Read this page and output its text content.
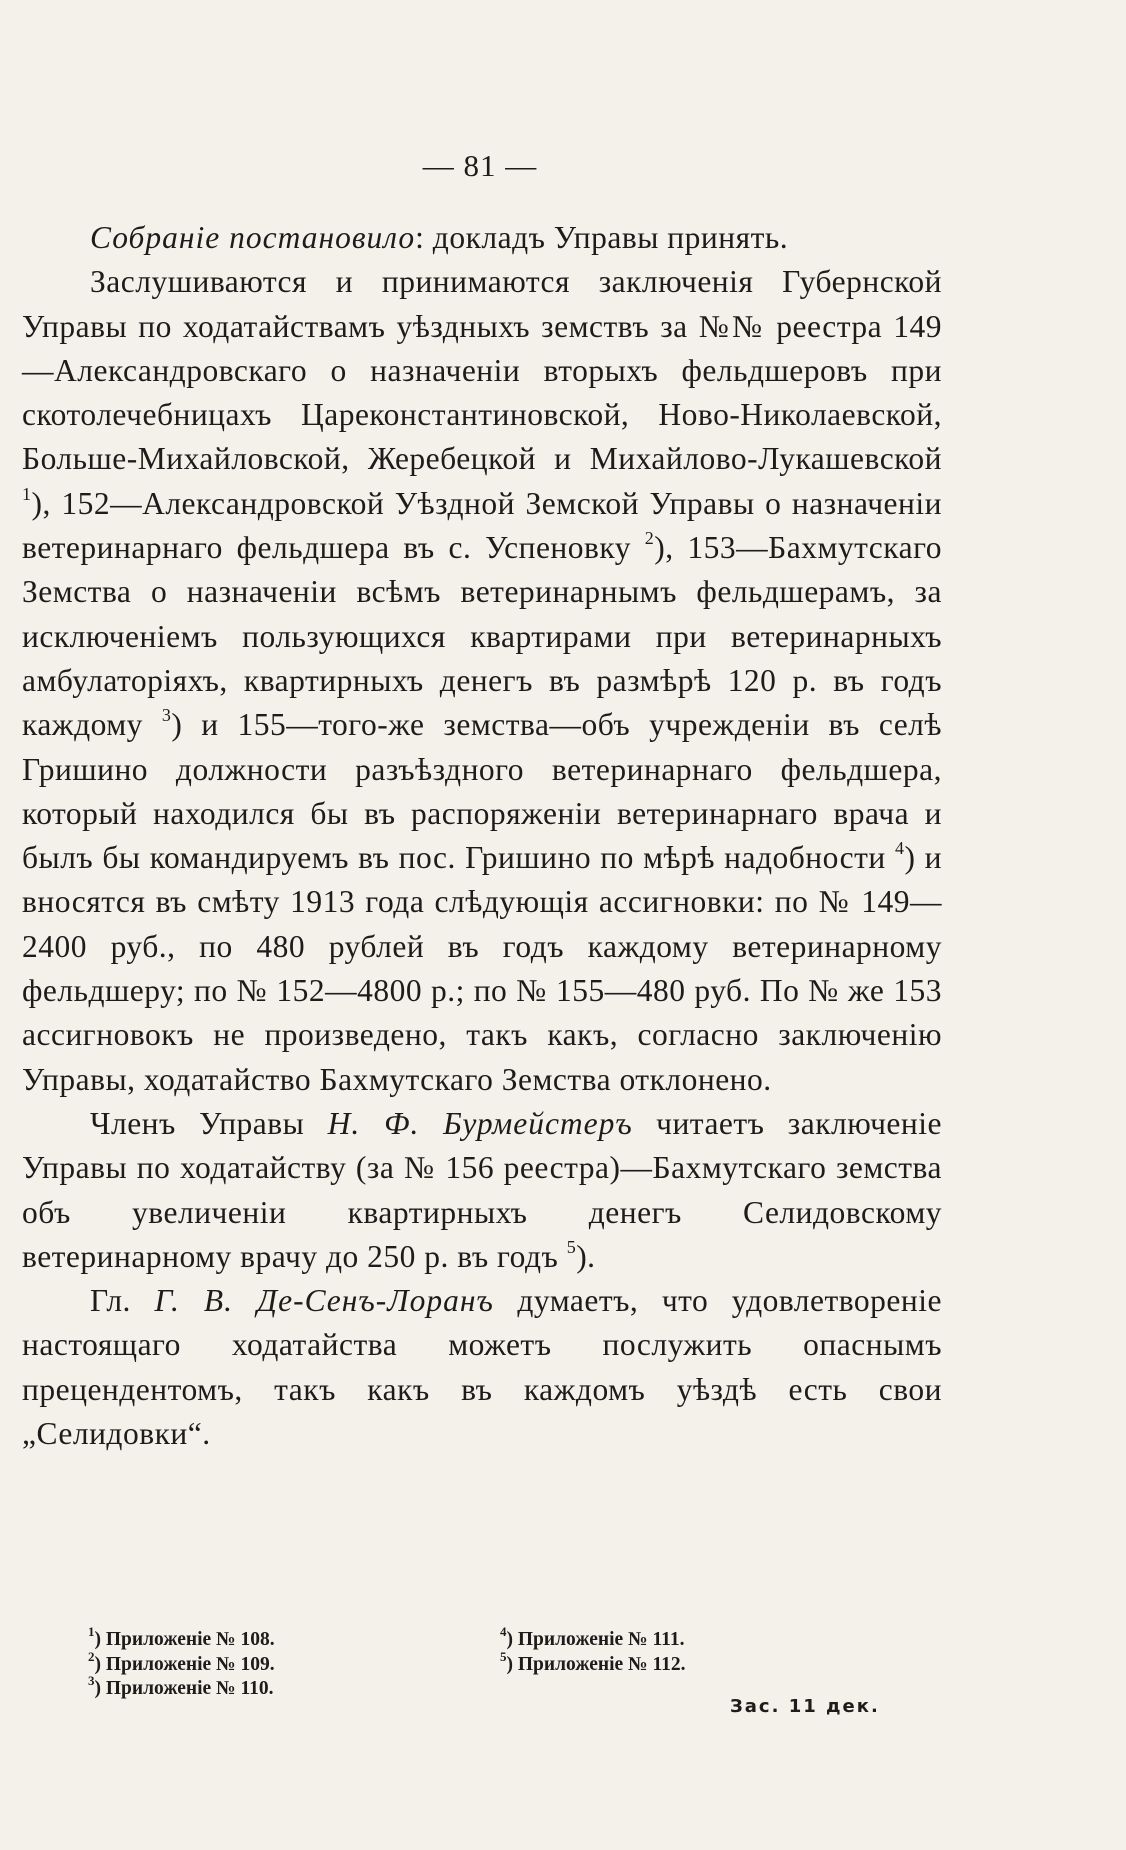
— 81 —

Собранiе постановило: докладъ Управы принять.

Заслушиваются и принимаются заключенiя Губернской Управы по ходатайствамъ уѣздныхъ земствъ за №№ реестра 149—Александровскаго о назначенiи вторыхъ фельдшеровъ при скотолечебницахъ Цареконстантиновской, Ново-Николаевской, Больше-Михайловской, Жеребецкой и Михайлово-Лукашевской $^1$), 152—Александровской Уѣздной Земской Управы о назначенiи ветеринарнаго фельдшера въ с. Успеновку $^2$), 153—Бахмутскаго Земства о назначенiи всѣмъ ветеринарнымъ фельдшерамъ, за исключенiемъ пользующихся квартирами при ветеринарныхъ амбулаторiяхъ, квартирныхъ денегъ въ размѣрѣ 120 р. въ годъ каждому $^3$) и 155—того-же земства—объ учрежденiи въ селѣ Гришино должности разъѣздного ветеринарнаго фельдшера, который находился бы въ распоряженiи ветеринарнаго врача и былъ бы командируемъ въ пос. Гришино по мѣрѣ надобности $^4$) и вносятся въ смѣту 1913 года слѣдующiя ассигновки: по № 149—2400 руб., по 480 рублей въ годъ каждому ветеринарному фельдшеру; по № 152—4800 р.; по № 155—480 руб. По № же 153 ассигновокъ не произведено, такъ какъ, согласно заключенiю Управы, ходатайство Бахмутскаго Земства отклонено.

Членъ Управы Н. Ф. Бурмейстеръ читаетъ заключенiе Управы по ходатайству (за № 156 реестра)—Бахмутскаго земства объ увеличенiи квартирныхъ денегъ Селидовскому ветеринарному врачу до 250 р. въ годъ $^5$).

Гл. Г. В. Де-Сенъ-Лоранъ думаетъ, что удовлетворенiе настоящаго ходатайства можетъ послужить опаснымъ прецендентомъ, такъ какъ въ каждомъ уѣздѣ есть свои „Селидовки“.

$^1$) Приложенiе № 108.
$^2$) Приложенiе № 109.
$^3$) Приложенiе № 110.
$^4$) Приложенiе № 111.
$^5$) Приложенiе № 112.
Зас. 11 дек.
